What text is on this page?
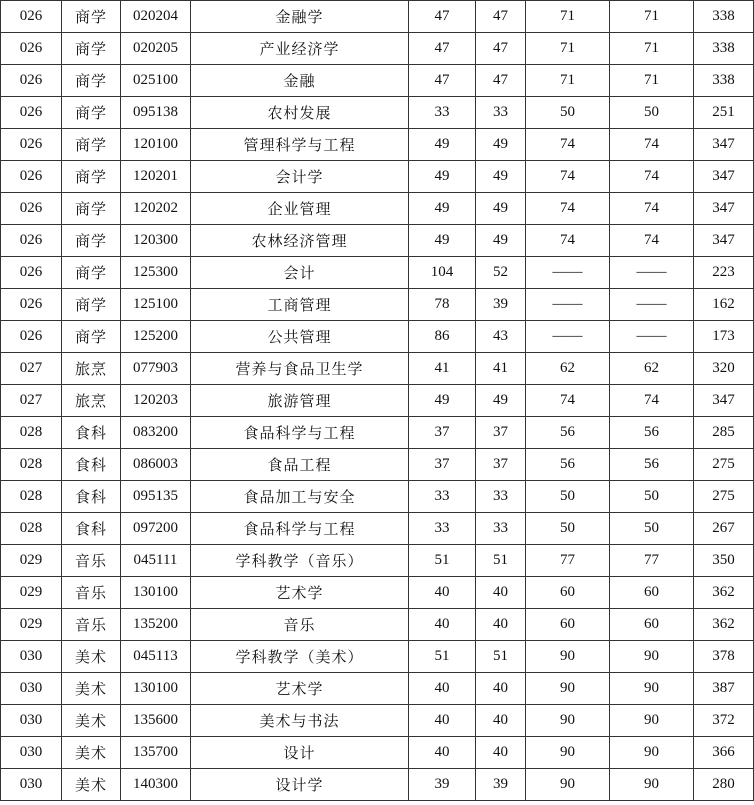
026	商学	020204	金融学	47	47	71	71	338
026	商学	020205	产业经济学	47	47	71	71	338
026	商学	025100	金融	47	47	71	71	338
026	商学	095138	农村发展	33	33	50	50	251
026	商学	120100	管理科学与工程	49	49	74	74	347
026	商学	120201	会计学	49	49	74	74	347
026	商学	120202	企业管理	49	49	74	74	347
026	商学	120300	农林经济管理	49	49	74	74	347
026	商学	125300	会计	104	52	——	——	223
026	商学	125100	工商管理	78	39	——	——	162
026	商学	125200	公共管理	86	43	——	——	173
027	旅烹	077903	营养与食品卫生学	41	41	62	62	320
027	旅烹	120203	旅游管理	49	49	74	74	347
028	食科	083200	食品科学与工程	37	37	56	56	285
028	食科	086003	食品工程	37	37	56	56	275
028	食科	095135	食品加工与安全	33	33	50	50	275
028	食科	097200	食品科学与工程	33	33	50	50	267
029	音乐	045111	学科教学（音乐）	51	51	77	77	350
029	音乐	130100	艺术学	40	40	60	60	362
029	音乐	135200	音乐	40	40	60	60	362
030	美术	045113	学科教学（美术）	51	51	90	90	378
030	美术	130100	艺术学	40	40	90	90	387
030	美术	135600	美术与书法	40	40	90	90	372
030	美术	135700	设计	40	40	90	90	366
030	美术	140300	设计学	39	39	90	90	280
